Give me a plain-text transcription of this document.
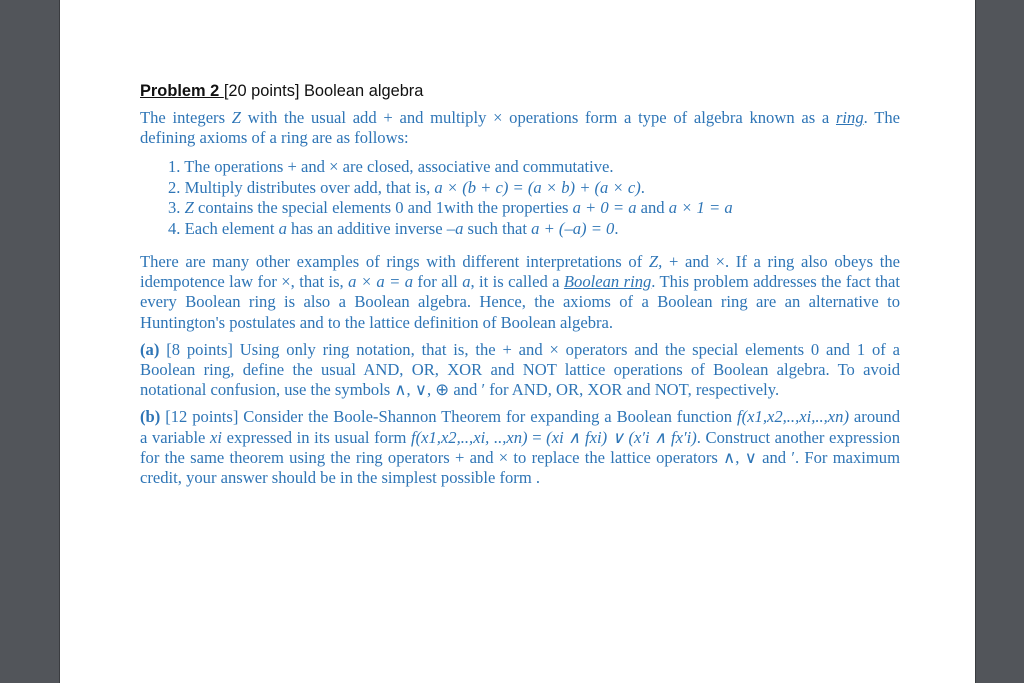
Problem 2 [20 points] Boolean algebra

The integers Z with the usual add + and multiply × operations form a type of algebra known as a ring. The defining axioms of a ring are as follows:

1. The operations + and × are closed, associative and commutative.
2. Multiply distributes over add, that is, a × (b + c) = (a × b) + (a × c).
3. Z contains the special elements 0 and 1with the properties a + 0 = a and a × 1 = a
4. Each element a has an additive inverse –a such that a + (–a) = 0.

There are many other examples of rings with different interpretations of Z, + and ×. If a ring also obeys the idempotence law for ×, that is, a × a = a for all a, it is called a Boolean ring. This problem addresses the fact that every Boolean ring is also a Boolean algebra. Hence, the axioms of a Boolean ring are an alternative to Huntington's postulates and to the lattice definition of Boolean algebra.

(a) [8 points] Using only ring notation, that is, the + and × operators and the special elements 0 and 1 of a Boolean ring, define the usual AND, OR, XOR and NOT lattice operations of Boolean algebra. To avoid notational confusion, use the symbols ∧, ∨, ⊕ and ′ for AND, OR, XOR and NOT, respectively.

(b) [12 points] Consider the Boole-Shannon Theorem for expanding a Boolean function f(x1,x2,..,xi,..,xn) around a variable xi expressed in its usual form f(x1,x2,..,xi, ..,xn) = (xi ∧ fxi) ∨ (x′i ∧ fx′i). Construct another expression for the same theorem using the ring operators + and × to replace the lattice operators ∧, ∨ and ′. For maximum credit, your answer should be in the simplest possible form .
